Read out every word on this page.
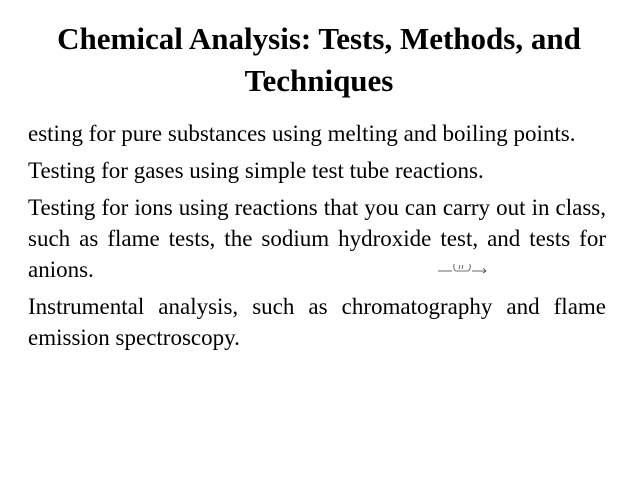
Chemical Analysis: Tests, Methods, and Techniques

esting for pure substances using melting and boiling points.

Testing for gases using simple test tube reactions.

Testing for ions using reactions that you can carry out in class, such as flame tests, the sodium hydroxide test, and tests for anions.

Instrumental analysis, such as chromatography and flame emission spectroscopy.
